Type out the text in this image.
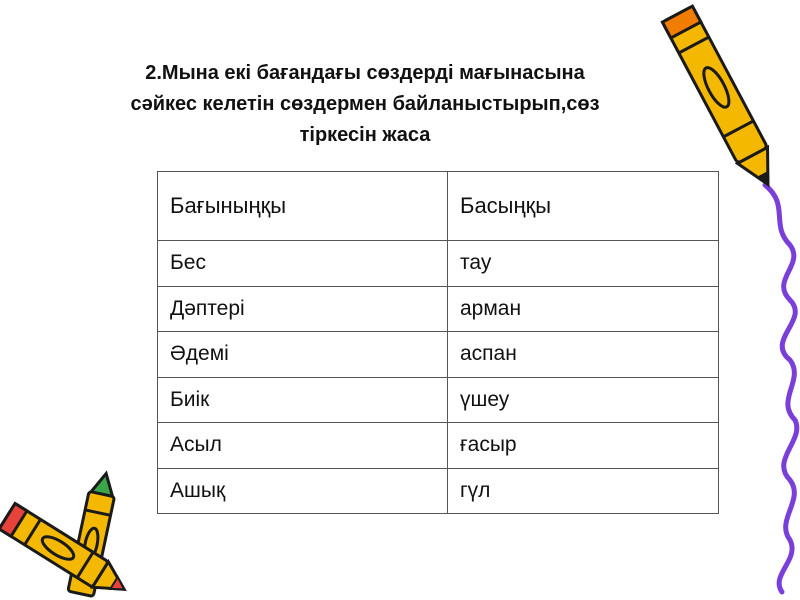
2.Мына екі бағандағы сөздерді мағынасына
сәйкес келетін сөздермен байланыстырып,сөз
тіркесін жаса
Бағыныңқы	Басыңқы
Бес	тау
Дәптері	арман
Әдемі	аспан
Биік	үшеу
Асыл	ғасыр
Ашық	гүл
